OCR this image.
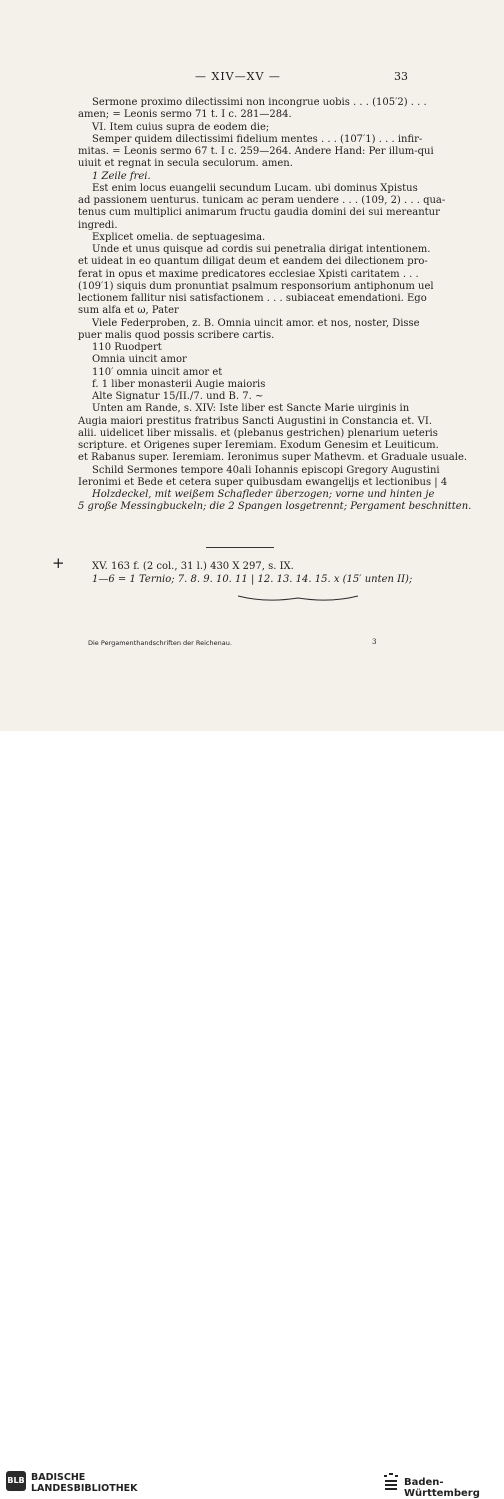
— XIV—XV —	33
Sermone proximo dilectissimi non incongrue uobis . . . (105′2) . . .
amen; = Leonis sermo 71 t. I c. 281—284.
VI. Item cuius supra de eodem die;
Semper quidem dilectissimi fidelium mentes . . . (107′1) . . . infir-
mitas. = Leonis sermo 67 t. I c. 259—264. Andere Hand: Per illum-qui
uiuit et regnat in secula seculorum. amen.
1 Zeile frei.
Est enim locus euangelii secundum Lucam. ubi dominus Xpistus
ad passionem uenturus. tunicam ac peram uendere . . . (109, 2) . . . qua-
tenus cum multiplici animarum fructu gaudia domini dei sui mereantur
ingredi.
Explicet omelia. de septuagesima.
Unde et unus quisque ad cordis sui penetralia dirigat intentionem.
et uideat in eo quantum diligat deum et eandem dei dilectionem pro-
ferat in opus et maxime predicatores ecclesiae Xpisti caritatem . . .
(109′1) siquis dum pronuntiat psalmum responsorium antiphonum uel
lectionem fallitur nisi satisfactionem . . . subiaceat emendationi. Ego
sum alfa et ω, Pater
Viele Federproben, z. B. Omnia uincit amor. et nos, noster, Disse
puer malis quod possis scribere cartis.
110 Ruodpert
Omnia uincit amor
110′ omnia uincit amor et
f. 1 liber monasterii Augie maioris
Alte Signatur 15/II./7. und B. 7. ~
Unten am Rande, s. XIV: Iste liber est Sancte Marie uirginis in
Augia maiori prestitus fratribus Sancti Augustini in Constancia et. VI.
alii. uidelicet liber missalis. et (plebanus gestrichen) plenarium ueteris
scripture. et Origenes super Ieremiam. Exodum Genesim et Leuiticum.
et Rabanus super. Ieremiam. Ieronimus super Mathevm. et Graduale usuale.
Schild Sermones tempore 40ali Iohannis episcopi Gregory Augustini
Ieronimi et Bede et cetera super quibusdam ewangelijs et lectionibus | 4
Holzdeckel, mit weißem Schafleder überzogen; vorne und hinten je
5 große Messingbuckeln; die 2 Spangen losgetrennt; Pergament beschnitten.
+	XV. 163 f. (2 col., 31 l.) 430 X 297, s. IX.
1—6 = 1 Ternio; 7. 8. 9. 10. 11 | 12. 13. 14. 15. x (15′ unten II);
Die Pergamenthandschriften der Reichenau.	3
BLB BADISCHE
LANDESBIBLIOTHEK
Baden-Württemberg
